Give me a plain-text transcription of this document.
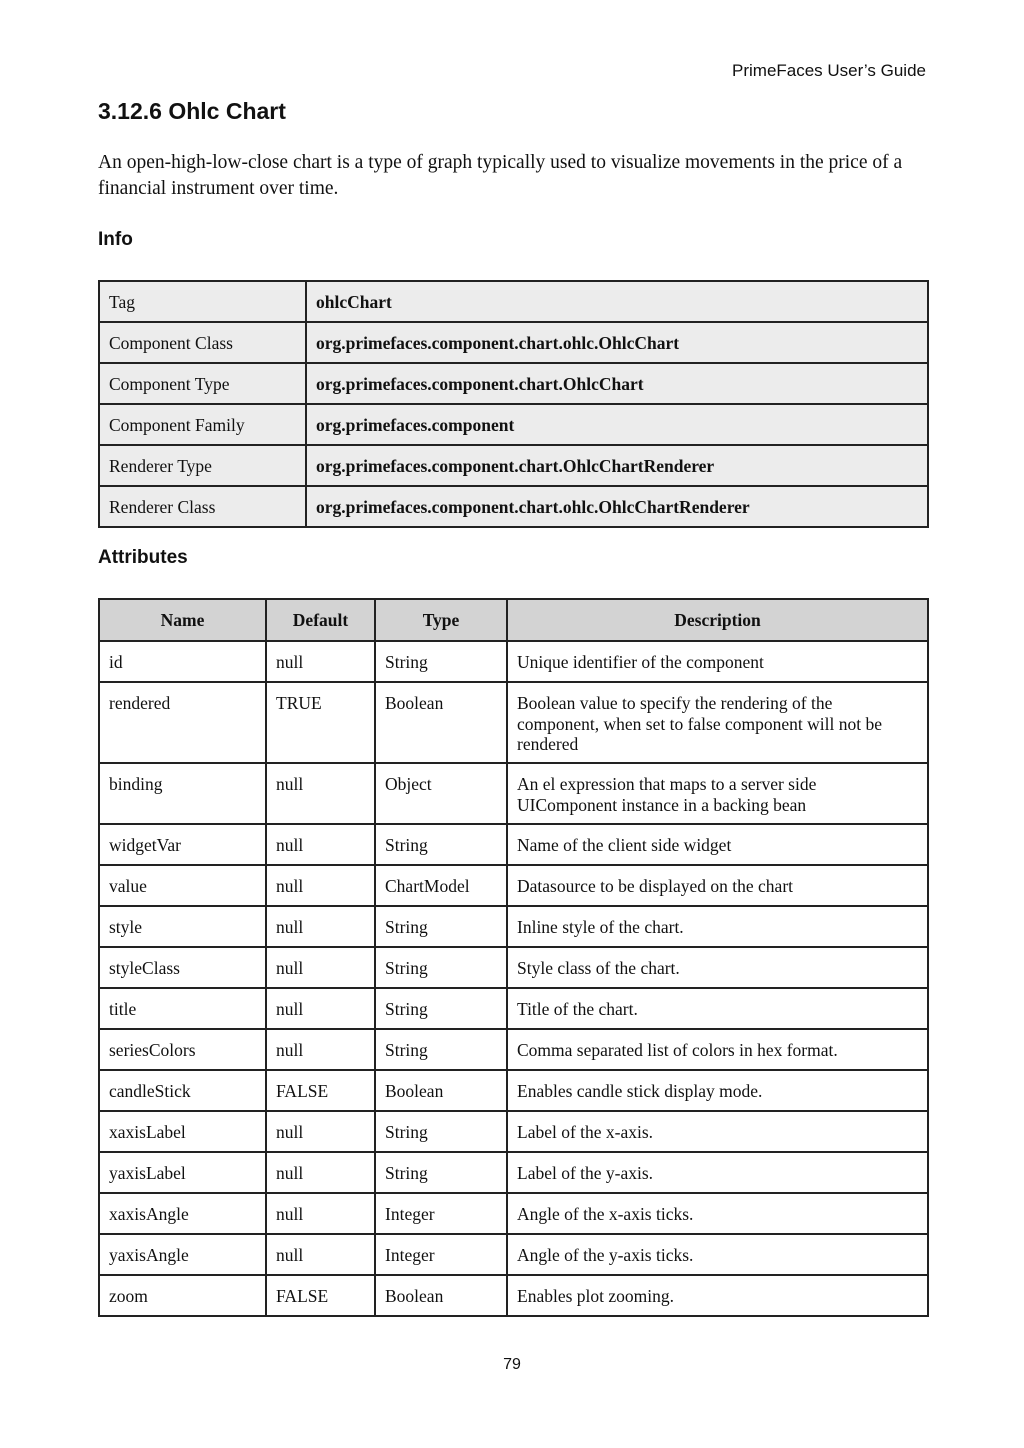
PrimeFaces User’s Guide
3.12.6 Ohlc Chart

An open-high-low-close chart is a type of graph typically used to visualize movements in the price of a financial instrument over time.

Info
Tag	ohlcChart
Component Class	org.primefaces.component.chart.ohlc.OhlcChart
Component Type	org.primefaces.component.chart.OhlcChart
Component Family	org.primefaces.component
Renderer Type	org.primefaces.component.chart.OhlcChartRenderer
Renderer Class	org.primefaces.component.chart.ohlc.OhlcChartRenderer
Attributes
Name	Default	Type	Description
id	null	String	Unique identifier of the component
rendered	TRUE	Boolean	Boolean value to specify the rendering of the component, when set to false component will not be rendered
binding	null	Object	An el expression that maps to a server side UIComponent instance in a backing bean
widgetVar	null	String	Name of the client side widget
value	null	ChartModel	Datasource to be displayed on the chart
style	null	String	Inline style of the chart.
styleClass	null	String	Style class of the chart.
title	null	String	Title of the chart.
seriesColors	null	String	Comma separated list of colors in hex format.
candleStick	FALSE	Boolean	Enables candle stick display mode.
xaxisLabel	null	String	Label of the x-axis.
yaxisLabel	null	String	Label of the y-axis.
xaxisAngle	null	Integer	Angle of the x-axis ticks.
yaxisAngle	null	Integer	Angle of the y-axis ticks.
zoom	FALSE	Boolean	Enables plot zooming.
79
